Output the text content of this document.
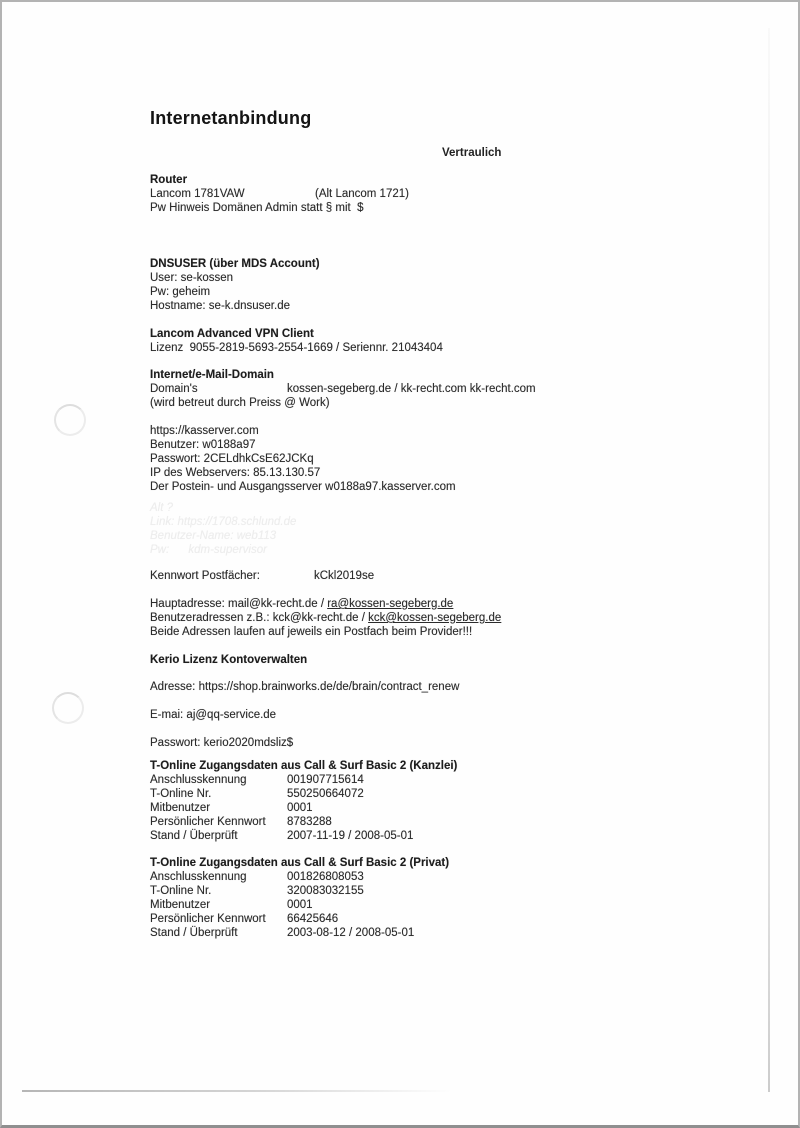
Internetanbindung
Vertraulich
Router
Lancom 1781VAW	(Alt Lancom 1721)
Pw Hinweis Domänen Admin statt § mit  $
DNSUSER (über MDS Account)
User: se-kossen
Pw: geheim
Hostname: se-k.dnsuser.de
Lancom Advanced VPN Client
Lizenz  9055-2819-5693-2554-1669 / Seriennr. 21043404
Internet/e-Mail-Domain
Domain's	kossen-segeberg.de / kk-recht.com kk-recht.com
(wird betreut durch Preiss @ Work)
https://kasserver.com
Benutzer: w0188a97
Passwort: 2CELdhkCsE62JCKq
IP des Webservers: 85.13.130.57
Der Postein- und Ausgangsserver w0188a97.kasserver.com
Alt ?
Link: https://1708.schlund.de
Benutzer-Name: web113
Pw:      kdm-supervisor
Kennwort Postfächer:	kCkl2019se
Hauptadresse: mail@kk-recht.de / ra@kossen-segeberg.de
Benutzeradressen z.B.: kck@kk-recht.de / kck@kossen-segeberg.de
Beide Adressen laufen auf jeweils ein Postfach beim Provider!!!
Kerio Lizenz Kontoverwalten
Adresse: https://shop.brainworks.de/de/brain/contract_renew
E-mai: aj@qq-service.de
Passwort: kerio2020mdsliz$
T-Online Zugangsdaten aus Call & Surf Basic 2 (Kanzlei)
Anschlusskennung	001907715614
T-Online Nr.	550250664072
Mitbenutzer	0001
Persönlicher Kennwort	8783288
Stand / Überprüft	2007-11-19 / 2008-05-01
T-Online Zugangsdaten aus Call & Surf Basic 2 (Privat)
Anschlusskennung	001826808053
T-Online Nr.	320083032155
Mitbenutzer	0001
Persönlicher Kennwort	66425646
Stand / Überprüft	2003-08-12 / 2008-05-01
